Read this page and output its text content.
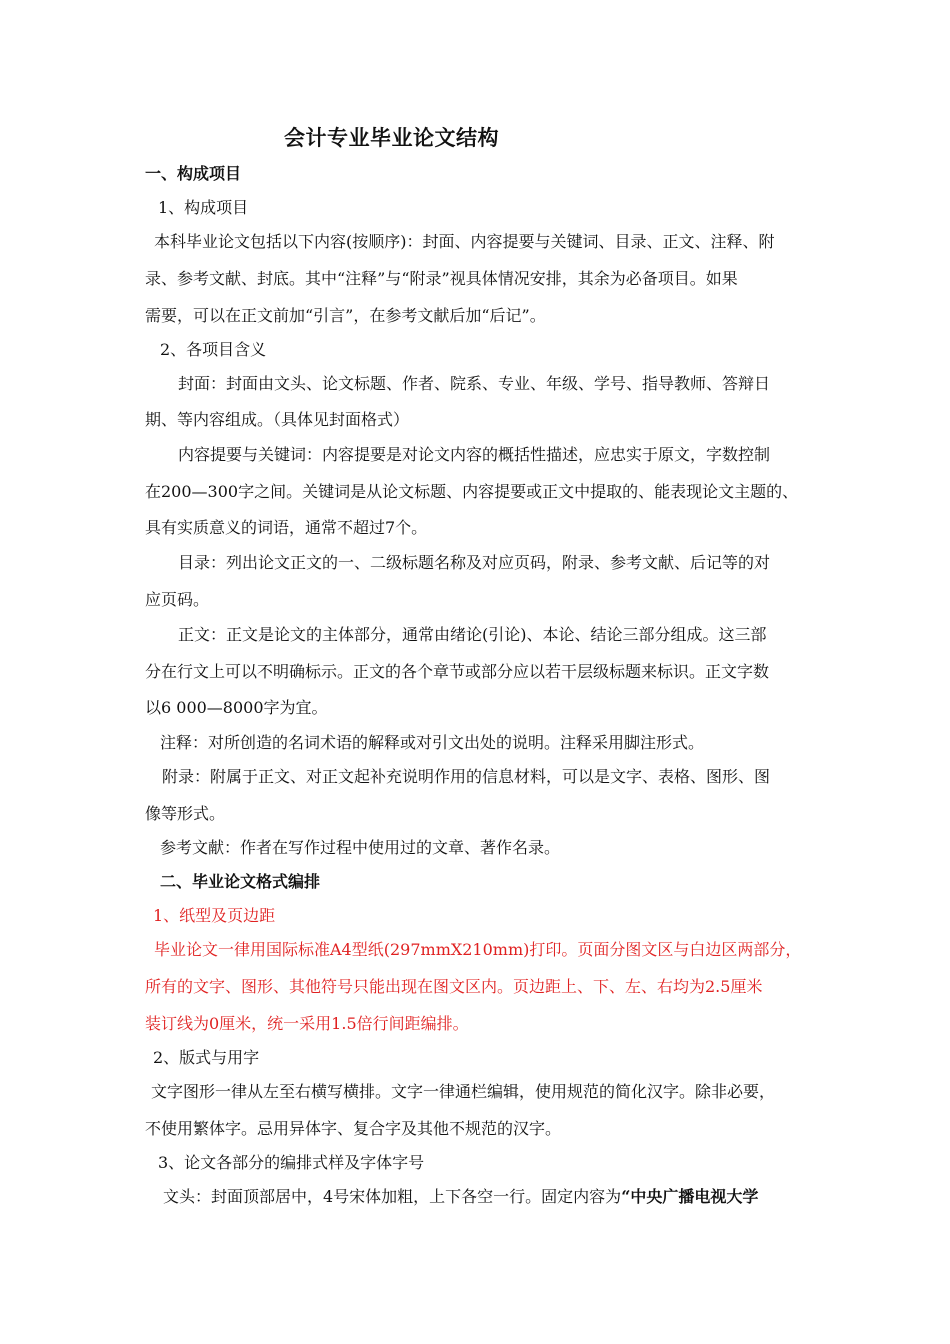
会计专业毕业论文结构
一、构成项目
1、构成项目
本科毕业论文包括以下内容(按顺序)：封面、内容提要与关键词、目录、正文、注释、附
录、参考文献、封底。其中“注释”与“附录”视具体情况安排，其余为必备项目。如果
需要，可以在正文前加“引言”，在参考文献后加“后记”。
2、各项目含义
封面：封面由文头、论文标题、作者、院系、专业、年级、学号、指导教师、答辩日
期、等内容组成。（具体见封面格式）
内容提要与关键词：内容提要是对论文内容的概括性描述，应忠实于原文，字数控制
在200—300字之间。关键词是从论文标题、内容提要或正文中提取的、能表现论文主题的、
具有实质意义的词语，通常不超过7个。
目录：列出论文正文的一、二级标题名称及对应页码，附录、参考文献、后记等的对
应页码。
正文：正文是论文的主体部分，通常由绪论(引论)、本论、结论三部分组成。这三部
分在行文上可以不明确标示。正文的各个章节或部分应以若干层级标题来标识。正文字数
以6 000—8000字为宜。
注释：对所创造的名词术语的解释或对引文出处的说明。注释采用脚注形式。
附录：附属于正文、对正文起补充说明作用的信息材料，可以是文字、表格、图形、图
像等形式。
参考文献：作者在写作过程中使用过的文章、著作名录。
二、毕业论文格式编排
1、纸型及页边距
毕业论文一律用国际标准A4型纸(297mmX210mm)打印。页面分图文区与白边区两部分，
所有的文字、图形、其他符号只能出现在图文区内。页边距上、下、左、右均为2.5厘米
装订线为0厘米，统一采用1.5倍行间距编排。
2、版式与用字
文字图形一律从左至右横写横排。文字一律通栏编辑，使用规范的简化汉字。除非必要，
不使用繁体字。忌用异体字、复合字及其他不规范的汉字。
3、论文各部分的编排式样及字体字号
文头：封面顶部居中，4号宋体加粗，上下各空一行。固定内容为“中央广播电视大学
